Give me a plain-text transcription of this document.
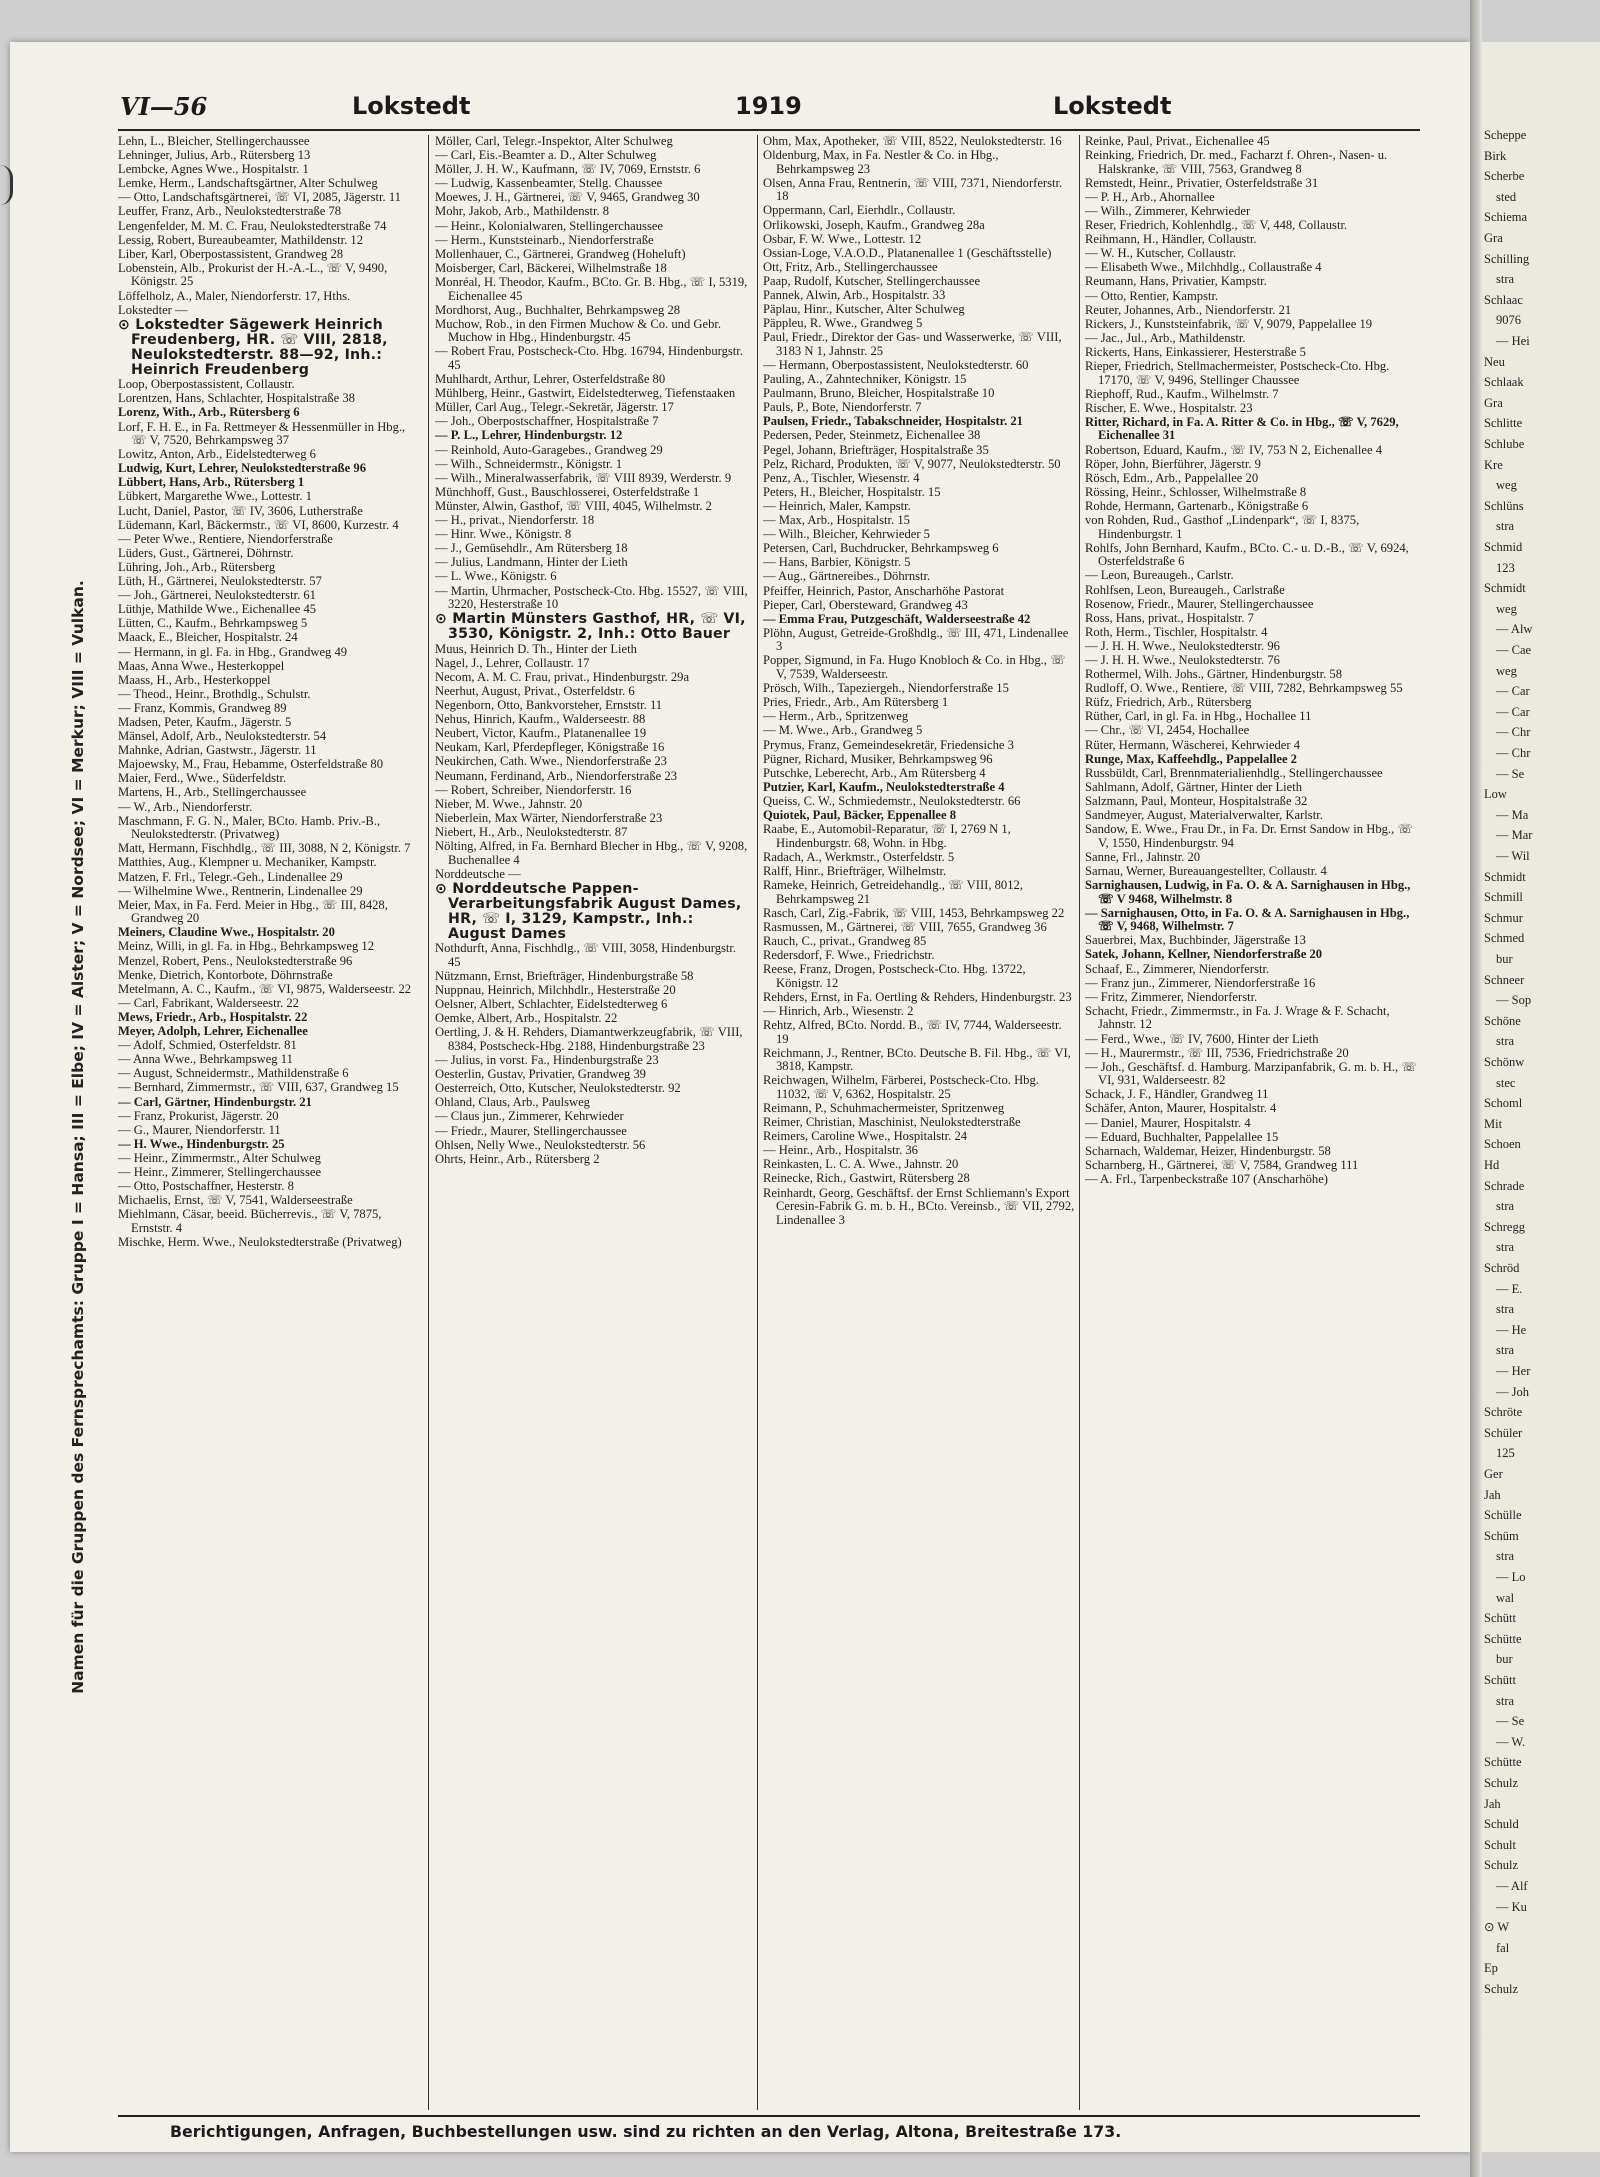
VI—56	Lokstedt	1919	Lokstedt
Namen für die Gruppen des Fernsprechamts: Gruppe I = Hansa; III = Elbe; IV = Alster; V = Nordsee; VI = Merkur; VIII = Vulkan.
Lehn, L., Bleicher, Stellingerchaussee
Lehninger, Julius, Arb., Rütersberg 13
Lembcke, Agnes Wwe., Hospitalstr. 1
Lemke, Herm., Landschaftsgärtner, Alter Schulweg
— Otto, Landschaftsgärtnerei, ☏ VI, 2085, Jägerstr. 11
Leuffer, Franz, Arb., Neulokstedterstraße 78
Lengenfelder, M. M. C. Frau, Neulokstedterstraße 74
Lessig, Robert, Bureaubeamter, Mathildenstr. 12
Liber, Karl, Oberpostassistent, Grandweg 28
Lobenstein, Alb., Prokurist der H.-A.-L., ☏ V, 9490, Königstr. 25
Löffelholz, A., Maler, Niendorferstr. 17, Hths.
Lokstedter —
⊙ Lokstedter Sägewerk Heinrich Freudenberg, HR. ☏ VIII, 2818, Neulokstedterstr. 88—92, Inh.: Heinrich Freudenberg
Loop, Oberpostassistent, Collaustr.
Lorentzen, Hans, Schlachter, Hospitalstraße 38
Lorenz, With., Arb., Rütersberg 6
Lorf, F. H. E., in Fa. Rettmeyer & Hessenmüller in Hbg., ☏ V, 7520, Behrkampsweg 37
Lowitz, Anton, Arb., Eidelstedterweg 6
Ludwig, Kurt, Lehrer, Neulokstedterstraße 96
Lübbert, Hans, Arb., Rütersberg 1
Lübkert, Margarethe Wwe., Lottestr. 1
Lucht, Daniel, Pastor, ☏ IV, 3606, Lutherstraße
Lüdemann, Karl, Bäckermstr., ☏ VI, 8600, Kurzestr. 4
— Peter Wwe., Rentiere, Niendorferstraße
Lüders, Gust., Gärtnerei, Döhrnstr.
Lühring, Joh., Arb., Rütersberg
Lüth, H., Gärtnerei, Neulokstedterstr. 57
— Joh., Gärtnerei, Neulokstedterstr. 61
Lüthje, Mathilde Wwe., Eichenallee 45
Lütten, C., Kaufm., Behrkampsweg 5
Maack, E., Bleicher, Hospitalstr. 24
— Hermann, in gl. Fa. in Hbg., Grandweg 49
Maas, Anna Wwe., Hesterkoppel
Maass, H., Arb., Hesterkoppel
— Theod., Heinr., Brothdlg., Schulstr.
— Franz, Kommis, Grandweg 89
Madsen, Peter, Kaufm., Jägerstr. 5
Mänsel, Adolf, Arb., Neulokstedterstr. 54
Mahnke, Adrian, Gastwstr., Jägerstr. 11
Majoewsky, M., Frau, Hebamme, Osterfeldstraße 80
Maier, Ferd., Wwe., Süderfeldstr.
Martens, H., Arb., Stellingerchaussee
— W., Arb., Niendorferstr.
Maschmann, F. G. N., Maler, BCto. Hamb. Priv.-B., Neulokstedterstr. (Privatweg)
Matt, Hermann, Fischhdlg., ☏ III, 3088, N 2, Königstr. 7
Matthies, Aug., Klempner u. Mechaniker, Kampstr.
Matzen, F. Frl., Telegr.-Geh., Lindenallee 29
— Wilhelmine Wwe., Rentnerin, Lindenallee 29
Meier, Max, in Fa. Ferd. Meier in Hbg., ☏ III, 8428, Grandweg 20
Meiners, Claudine Wwe., Hospitalstr. 20
Meinz, Willi, in gl. Fa. in Hbg., Behrkampsweg 12
Menzel, Robert, Pens., Neulokstedterstraße 96
Menke, Dietrich, Kontorbote, Döhrnstraße
Metelmann, A. C., Kaufm., ☏ VI, 9875, Walderseestr. 22
— Carl, Fabrikant, Walderseestr. 22
Mews, Friedr., Arb., Hospitalstr. 22
Meyer, Adolph, Lehrer, Eichenallee
— Adolf, Schmied, Osterfeldstr. 81
— Anna Wwe., Behrkampsweg 11
— August, Schneidermstr., Mathildenstraße 6
— Bernhard, Zimmermstr., ☏ VIII, 637, Grandweg 15
— Carl, Gärtner, Hindenburgstr. 21
— Franz, Prokurist, Jägerstr. 20
— G., Maurer, Niendorferstr. 11
— H. Wwe., Hindenburgstr. 25
— Heinr., Zimmermstr., Alter Schulweg
— Heinr., Zimmerer, Stellingerchaussee
— Otto, Postschaffner, Hesterstr. 8
Michaelis, Ernst, ☏ V, 7541, Walderseestraße
Miehlmann, Cäsar, beeid. Bücherrevis., ☏ V, 7875, Ernststr. 4
Mischke, Herm. Wwe., Neulokstedterstraße (Privatweg)
Möller, Carl, Telegr.-Inspektor, Alter Schulweg
— Carl, Eis.-Beamter a. D., Alter Schulweg
Möller, J. H. W., Kaufmann, ☏ IV, 7069, Ernststr. 6
— Ludwig, Kassenbeamter, Stellg. Chaussee
Moewes, J. H., Gärtnerei, ☏ V, 9465, Grandweg 30
Mohr, Jakob, Arb., Mathildenstr. 8
— Heinr., Kolonialwaren, Stellingerchaussee
— Herm., Kunststeinarb., Niendorferstraße
Mollenhauer, C., Gärtnerei, Grandweg (Hoheluft)
Moisberger, Carl, Bäckerei, Wilhelmstraße 18
Monréal, H. Theodor, Kaufm., BCto. Gr. B. Hbg., ☏ I, 5319, Eichenallee 45
Mordhorst, Aug., Buchhalter, Behrkampsweg 28
Muchow, Rob., in den Firmen Muchow & Co. und Gebr. Muchow in Hbg., Hindenburgstr. 45
— Robert Frau, Postscheck-Cto. Hbg. 16794, Hindenburgstr. 45
Muhlhardt, Arthur, Lehrer, Osterfeldstraße 80
Mühlberg, Heinr., Gastwirt, Eidelstedterweg, Tiefenstaaken
Müller, Carl Aug., Telegr.-Sekretär, Jägerstr. 17
— Joh., Oberpostschaffner, Hospitalstraße 7
— P. L., Lehrer, Hindenburgstr. 12
— Reinhold, Auto-Garagebes., Grandweg 29
— Wilh., Schneidermstr., Königstr. 1
— Wilh., Mineralwasserfabrik, ☏ VIII 8939, Werderstr. 9
Münchhoff, Gust., Bauschlosserei, Osterfeldstraße 1
Münster, Alwin, Gasthof, ☏ VIII, 4045, Wilhelmstr. 2
— H., privat., Niendorferstr. 18
— Hinr. Wwe., Königstr. 8
— J., Gemüsehdlr., Am Rütersberg 18
— Julius, Landmann, Hinter der Lieth
— L. Wwe., Königstr. 6
— Martin, Uhrmacher, Postscheck-Cto. Hbg. 15527, ☏ VIII, 3220, Hesterstraße 10
⊙ Martin Münsters Gasthof, HR, ☏ VI, 3530, Königstr. 2, Inh.: Otto Bauer
Muus, Heinrich D. Th., Hinter der Lieth
Nagel, J., Lehrer, Collaustr. 17
Necom, A. M. C. Frau, privat., Hindenburgstr. 29a
Neerhut, August, Privat., Osterfeldstr. 6
Negenborn, Otto, Bankvorsteher, Ernststr. 11
Nehus, Hinrich, Kaufm., Walderseestr. 88
Neubert, Victor, Kaufm., Platanenallee 19
Neukam, Karl, Pferdepfleger, Königstraße 16
Neukirchen, Cath. Wwe., Niendorferstraße 23
Neumann, Ferdinand, Arb., Niendorferstraße 23
— Robert, Schreiber, Niendorferstr. 16
Nieber, M. Wwe., Jahnstr. 20
Nieberlein, Max Wärter, Niendorferstraße 23
Niebert, H., Arb., Neulokstedterstr. 87
Nölting, Alfred, in Fa. Bernhard Blecher in Hbg., ☏ V, 9208, Buchenallee 4
Norddeutsche —
⊙ Norddeutsche Pappen-Verarbeitungsfabrik August Dames, HR, ☏ I, 3129, Kampstr., Inh.: August Dames
Nothdurft, Anna, Fischhdlg., ☏ VIII, 3058, Hindenburgstr. 45
Nützmann, Ernst, Briefträger, Hindenburgstraße 58
Nuppnau, Heinrich, Milchhdlr., Hesterstraße 20
Oelsner, Albert, Schlachter, Eidelstedterweg 6
Oemke, Albert, Arb., Hospitalstr. 22
Oertling, J. & H. Rehders, Diamantwerkzeugfabrik, ☏ VIII, 8384, Postscheck-Hbg. 2188, Hindenburgstraße 23
— Julius, in vorst. Fa., Hindenburgstraße 23
Oesterlin, Gustav, Privatier, Grandweg 39
Oesterreich, Otto, Kutscher, Neulokstedterstr. 92
Ohland, Claus, Arb., Paulsweg
— Claus jun., Zimmerer, Kehrwieder
— Friedr., Maurer, Stellingerchaussee
Ohlsen, Nelly Wwe., Neulokstedterstr. 56
Ohrts, Heinr., Arb., Rütersberg 2
Ohm, Max, Apotheker, ☏ VIII, 8522, Neulokstedterstr. 16
Oldenburg, Max, in Fa. Nestler & Co. in Hbg., Behrkampsweg 23
Olsen, Anna Frau, Rentnerin, ☏ VIII, 7371, Niendorferstr. 18
Oppermann, Carl, Eierhdlr., Collaustr.
Orlikowski, Joseph, Kaufm., Grandweg 28a
Osbar, F. W. Wwe., Lottestr. 12
Ossian-Loge, V.A.O.D., Platanenallee 1 (Geschäftsstelle)
Ott, Fritz, Arb., Stellingerchaussee
Paap, Rudolf, Kutscher, Stellingerchaussee
Pannek, Alwin, Arb., Hospitalstr. 33
Päplau, Hinr., Kutscher, Alter Schulweg
Päppleu, R. Wwe., Grandweg 5
Paul, Friedr., Direktor der Gas- und Wasserwerke, ☏ VIII, 3183 N 1, Jahnstr. 25
— Hermann, Oberpostassistent, Neulokstedterstr. 60
Pauling, A., Zahntechniker, Königstr. 15
Paulmann, Bruno, Bleicher, Hospitalstraße 10
Pauls, P., Bote, Niendorferstr. 7
Paulsen, Friedr., Tabakschneider, Hospitalstr. 21
Pedersen, Peder, Steinmetz, Eichenallee 38
Pegel, Johann, Briefträger, Hospitalstraße 35
Pelz, Richard, Produkten, ☏ V, 9077, Neulokstedterstr. 50
Penz, A., Tischler, Wiesenstr. 4
Peters, H., Bleicher, Hospitalstr. 15
— Heinrich, Maler, Kampstr.
— Max, Arb., Hospitalstr. 15
— Wilh., Bleicher, Kehrwieder 5
Petersen, Carl, Buchdrucker, Behrkampsweg 6
— Hans, Barbier, Königstr. 5
— Aug., Gärtnereibes., Döhrnstr.
Pfeiffer, Heinrich, Pastor, Anscharhöhe Pastorat
Pieper, Carl, Obersteward, Grandweg 43
— Emma Frau, Putzgeschäft, Walderseestraße 42
Plöhn, August, Getreide-Großhdlg., ☏ III, 471, Lindenallee 3
Popper, Sigmund, in Fa. Hugo Knobloch & Co. in Hbg., ☏ V, 7539, Walderseestr.
Prösch, Wilh., Tapeziergeh., Niendorferstraße 15
Pries, Friedr., Arb., Am Rütersberg 1
— Herm., Arb., Spritzenweg
— M. Wwe., Arb., Grandweg 5
Prymus, Franz, Gemeindesekretär, Friedensiche 3
Pügner, Richard, Musiker, Behrkampsweg 96
Putschke, Leberecht, Arb., Am Rütersberg 4
Putzier, Karl, Kaufm., Neulokstedterstraße 4
Queiss, C. W., Schmiedemstr., Neulokstedterstr. 66
Quiotek, Paul, Bäcker, Eppenallee 8
Raabe, E., Automobil-Reparatur, ☏ I, 2769 N 1, Hindenburgstr. 68, Wohn. in Hbg.
Radach, A., Werkmstr., Osterfeldstr. 5
Ralff, Hinr., Briefträger, Wilhelmstr.
Rameke, Heinrich, Getreidehandlg., ☏ VIII, 8012, Behrkampsweg 21
Rasch, Carl, Zig.-Fabrik, ☏ VIII, 1453, Behrkampsweg 22
Rasmussen, M., Gärtnerei, ☏ VIII, 7655, Grandweg 36
Rauch, C., privat., Grandweg 85
Redersdorf, F. Wwe., Friedrichstr.
Reese, Franz, Drogen, Postscheck-Cto. Hbg. 13722, Königstr. 12
Rehders, Ernst, in Fa. Oertling & Rehders, Hindenburgstr. 23
— Hinrich, Arb., Wiesenstr. 2
Rehtz, Alfred, BCto. Nordd. B., ☏ IV, 7744, Walderseestr. 19
Reichmann, J., Rentner, BCto. Deutsche B. Fil. Hbg., ☏ VI, 3818, Kampstr.
Reichwagen, Wilhelm, Färberei, Postscheck-Cto. Hbg. 11032, ☏ V, 6362, Hospitalstr. 25
Reimann, P., Schuhmachermeister, Spritzenweg
Reimer, Christian, Maschinist, Neulokstedterstraße
Reimers, Caroline Wwe., Hospitalstr. 24
— Heinr., Arb., Hospitalstr. 36
Reinkasten, L. C. A. Wwe., Jahnstr. 20
Reinecke, Rich., Gastwirt, Rütersberg 28
Reinhardt, Georg, Geschäftsf. der Ernst Schliemann's Export Ceresin-Fabrik G. m. b. H., BCto. Vereinsb., ☏ VII, 2792, Lindenallee 3
Reinke, Paul, Privat., Eichenallee 45
Reinking, Friedrich, Dr. med., Facharzt f. Ohren-, Nasen- u. Halskranke, ☏ VIII, 7563, Grandweg 8
Remstedt, Heinr., Privatier, Osterfeldstraße 31
— P. H., Arb., Ahornallee
— Wilh., Zimmerer, Kehrwieder
Reser, Friedrich, Kohlenhdlg., ☏ V, 448, Collaustr.
Reihmann, H., Händler, Collaustr.
— W. H., Kutscher, Collaustr.
— Elisabeth Wwe., Milchhdlg., Collaustraße 4
Reumann, Hans, Privatier, Kampstr.
— Otto, Rentier, Kampstr.
Reuter, Johannes, Arb., Niendorferstr. 21
Rickers, J., Kunststeinfabrik, ☏ V, 9079, Pappelallee 19
— Jac., Jul., Arb., Mathildenstr.
Rickerts, Hans, Einkassierer, Hesterstraße 5
Rieper, Friedrich, Stellmachermeister, Postscheck-Cto. Hbg. 17170, ☏ V, 9496, Stellinger Chaussee
Riephoff, Rud., Kaufm., Wilhelmstr. 7
Rischer, E. Wwe., Hospitalstr. 23
Ritter, Richard, in Fa. A. Ritter & Co. in Hbg., ☏ V, 7629, Eichenallee 31
Robertson, Eduard, Kaufm., ☏ IV, 753 N 2, Eichenallee 4
Röper, John, Bierführer, Jägerstr. 9
Rösch, Edm., Arb., Pappelallee 20
Rössing, Heinr., Schlosser, Wilhelmstraße 8
Rohde, Hermann, Gartenarb., Königstraße 6
von Rohden, Rud., Gasthof „Lindenpark“, ☏ I, 8375, Hindenburgstr. 1
Rohlfs, John Bernhard, Kaufm., BCto. C.- u. D.-B., ☏ V, 6924, Osterfeldstraße 6
— Leon, Bureaugeh., Carlstr.
Rohlfsen, Leon, Bureaugeh., Carlstraße
Rosenow, Friedr., Maurer, Stellingerchaussee
Ross, Hans, privat., Hospitalstr. 7
Roth, Herm., Tischler, Hospitalstr. 4
— J. H. H. Wwe., Neulokstedterstr. 96
— J. H. H. Wwe., Neulokstedterstr. 76
Rothermel, Wilh. Johs., Gärtner, Hindenburgstr. 58
Rudloff, O. Wwe., Rentiere, ☏ VIII, 7282, Behrkampsweg 55
Rüfz, Friedrich, Arb., Rütersberg
Rüther, Carl, in gl. Fa. in Hbg., Hochallee 11
— Chr., ☏ VI, 2454, Hochallee
Rüter, Hermann, Wäscherei, Kehrwieder 4
Runge, Max, Kaffeehdlg., Pappelallee 2
Russbüldt, Carl, Brennmaterialienhdlg., Stellingerchaussee
Sahlmann, Adolf, Gärtner, Hinter der Lieth
Salzmann, Paul, Monteur, Hospitalstraße 32
Sandmeyer, August, Materialverwalter, Karlstr.
Sandow, E. Wwe., Frau Dr., in Fa. Dr. Ernst Sandow in Hbg., ☏ V, 1550, Hindenburgstr. 94
Sanne, Frl., Jahnstr. 20
Sarnau, Werner, Bureauangestellter, Collaustr. 4
Sarnighausen, Ludwig, in Fa. O. & A. Sarnighausen in Hbg., ☏ V 9468, Wilhelmstr. 8
— Sarnighausen, Otto, in Fa. O. & A. Sarnighausen in Hbg., ☏ V, 9468, Wilhelmstr. 7
Sauerbrei, Max, Buchbinder, Jägerstraße 13
Satek, Johann, Kellner, Niendorferstraße 20
Schaaf, E., Zimmerer, Niendorferstr.
— Franz jun., Zimmerer, Niendorferstraße 16
— Fritz, Zimmerer, Niendorferstr.
Schacht, Friedr., Zimmermstr., in Fa. J. Wrage & F. Schacht, Jahnstr. 12
— Ferd., Wwe., ☏ IV, 7600, Hinter der Lieth
— H., Maurermstr., ☏ III, 7536, Friedrichstraße 20
— Joh., Geschäftsf. d. Hamburg. Marzipanfabrik, G. m. b. H., ☏ VI, 931, Walderseestr. 82
Schack, J. F., Händler, Grandweg 11
Schäfer, Anton, Maurer, Hospitalstr. 4
— Daniel, Maurer, Hospitalstr. 4
— Eduard, Buchhalter, Pappelallee 15
Scharnach, Waldemar, Heizer, Hindenburgstr. 58
Scharnberg, H., Gärtnerei, ☏ V, 7584, Grandweg 111
— A. Frl., Tarpenbeckstraße 107 (Anscharhöhe)
Berichtigungen, Anfragen, Buchbestellungen usw. sind zu richten an den Verlag, Altona, Breitestraße 173.
Scheppe
Birk
Scherbe
sted
Schiema
Gra
Schilling
stra
Schlaac
9076
— Hei
Neu
Schlaak
Gra
Schlitte
Schlube
Kre
weg
Schlüns
stra
Schmid
123
Schmidt
weg
— Alw
— Cae
weg
— Car
— Car
— Chr
— Chr
— Se
Low
— Ma
— Mar
— Wil
Schmidt
Schmill
Schmur
Schmed
bur
Schneer
— Sop
Schöne
stra
Schönw
stec
Schoml
Mit
Schoen
Hd
Schrade
stra
Schregg
stra
Schröd
— E.
stra
— He
stra
— Her
— Joh
Schröte
Schüler
125
Ger
Jah
Schülle
Schüm
stra
— Lo
wal
Schütt
Schütte
bur
Schütt
stra
— Se
— W.
Schütte
Schulz
Jah
Schuld
Schult
Schulz
— Alf
— Ku
⊙ W
fal
Ep
Schulz
